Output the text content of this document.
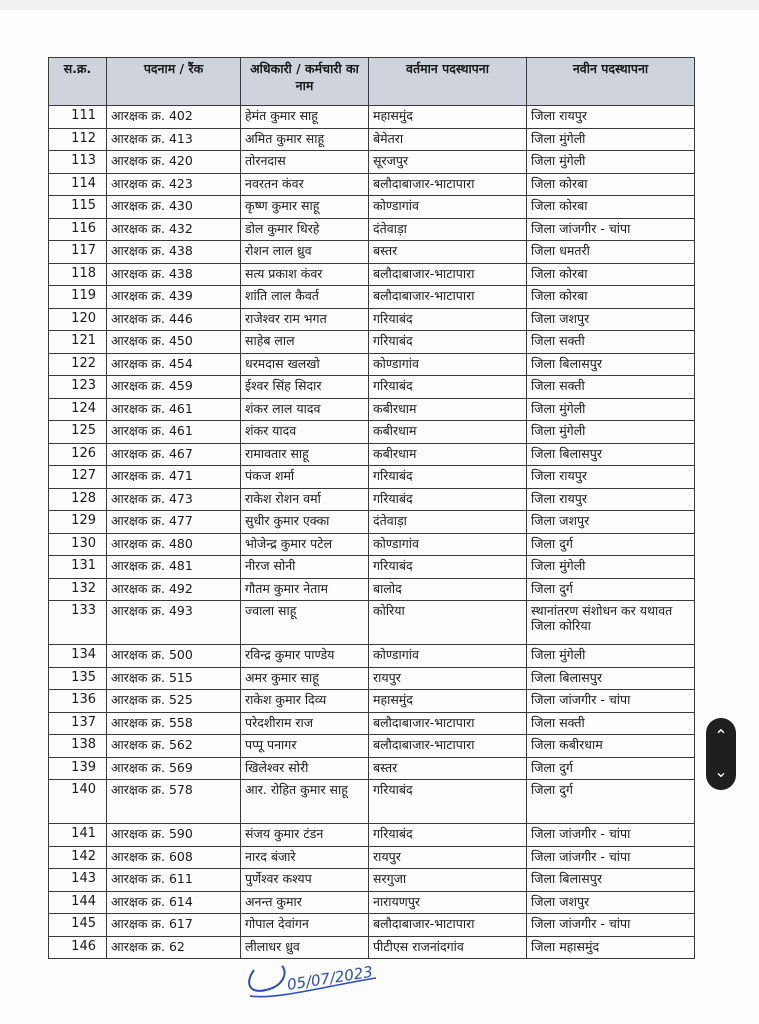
स.क्र.	पदनाम / रैंक	अधिकारी / कर्मचारी का नाम	वर्तमान पदस्थापना	नवीन पदस्थापना
111	आरक्षक क्र. 402	हेमंत कुमार साहू	महासमुंद	जिला रायपुर
112	आरक्षक क्र. 413	अमित कुमार साहू	बेमेतरा	जिला मुंगेली
113	आरक्षक क्र. 420	तोरनदास	सूरजपुर	जिला मुंगेली
114	आरक्षक क्र. 423	नवरतन कंवर	बलौदाबाजार-भाटापारा	जिला कोरबा
115	आरक्षक क्र. 430	कृष्ण कुमार साहू	कोण्डागांव	जिला कोरबा
116	आरक्षक क्र. 432	डोल कुमार धिरहे	दंतेवाड़ा	जिला जांजगीर - चांपा
117	आरक्षक क्र. 438	रोशन लाल ध्रुव	बस्तर	जिला धमतरी
118	आरक्षक क्र. 438	सत्य प्रकाश कंवर	बलौदाबाजार-भाटापारा	जिला कोरबा
119	आरक्षक क्र. 439	शांति लाल कैवर्त	बलौदाबाजार-भाटापारा	जिला कोरबा
120	आरक्षक क्र. 446	राजेश्वर राम भगत	गरियाबंद	जिला जशपुर
121	आरक्षक क्र. 450	साहेब लाल	गरियाबंद	जिला सक्ती
122	आरक्षक क्र. 454	धरमदास खलखो	कोण्डागांव	जिला बिलासपुर
123	आरक्षक क्र. 459	ईश्वर सिंह सिदार	गरियाबंद	जिला सक्ती
124	आरक्षक क्र. 461	शंकर लाल यादव	कबीरधाम	जिला मुंगेली
125	आरक्षक क्र. 461	शंकर यादव	कबीरधाम	जिला मुंगेली
126	आरक्षक क्र. 467	रामावतार साहू	कबीरधाम	जिला बिलासपुर
127	आरक्षक क्र. 471	पंकज शर्मा	गरियाबंद	जिला रायपुर
128	आरक्षक क्र. 473	राकेश रोशन वर्मा	गरियाबंद	जिला रायपुर
129	आरक्षक क्र. 477	सुधीर कुमार एक्का	दंतेवाड़ा	जिला जशपुर
130	आरक्षक क्र. 480	भोजेन्द्र कुमार पटेल	कोण्डागांव	जिला दुर्ग
131	आरक्षक क्र. 481	नीरज सोनी	गरियाबंद	जिला मुंगेली
132	आरक्षक क्र. 492	गौतम कुमार नेताम	बालोद	जिला दुर्ग
133	आरक्षक क्र. 493	ज्वाला साहू	कोरिया	स्थानांतरण संशोधन कर यथावत जिला कोरिया
134	आरक्षक क्र. 500	रविन्द्र कुमार पाण्डेय	कोण्डागांव	जिला मुंगेली
135	आरक्षक क्र. 515	अमर कुमार साहू	रायपुर	जिला बिलासपुर
136	आरक्षक क्र. 525	राकेश कुमार दिव्य	महासमुंद	जिला जांजगीर - चांपा
137	आरक्षक क्र. 558	परेदशीराम राज	बलौदाबाजार-भाटापारा	जिला सक्ती
138	आरक्षक क्र. 562	पप्पू पनागर	बलौदाबाजार-भाटापारा	जिला कबीरधाम
139	आरक्षक क्र. 569	खिलेश्वर सोरी	बस्तर	जिला दुर्ग
140	आरक्षक क्र. 578	आर. रोहित कुमार साहू	गरियाबंद	जिला दुर्ग
141	आरक्षक क्र. 590	संजय कुमार टंडन	गरियाबंद	जिला जांजगीर - चांपा
142	आरक्षक क्र. 608	नारद बंजारे	रायपुर	जिला जांजगीर - चांपा
143	आरक्षक क्र. 611	पुर्णेश्वर कश्यप	सरगुजा	जिला बिलासपुर
144	आरक्षक क्र. 614	अनन्त कुमार	नारायणपुर	जिला जशपुर
145	आरक्षक क्र. 617	गोपाल देवांगन	बलौदाबाजार-भाटापारा	जिला जांजगीर - चांपा
146	आरक्षक क्र. 62	लीलाधर ध्रुव	पीटीएस राजनांदगांव	जिला महासमुंद
⌃
⌄
05/07/2023
